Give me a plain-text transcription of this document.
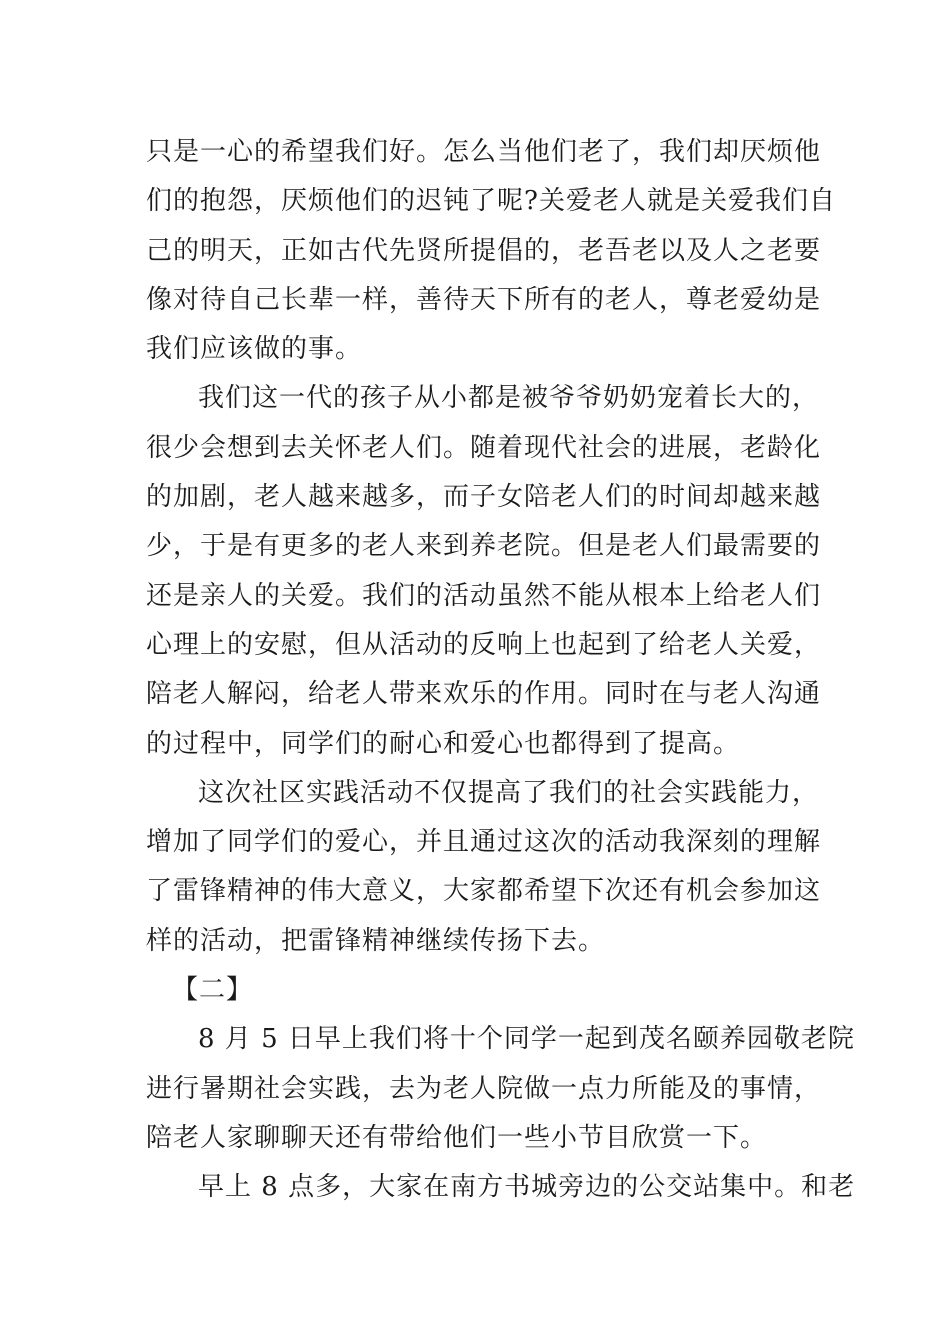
只是一心的希望我们好。怎么当他们老了，我们却厌烦他
们的抱怨，厌烦他们的迟钝了呢?关爱老人就是关爱我们自
己的明天，正如古代先贤所提倡的，老吾老以及人之老要
像对待自己长辈一样，善待天下所有的老人，尊老爱幼是
我们应该做的事。
我们这一代的孩子从小都是被爷爷奶奶宠着长大的，
很少会想到去关怀老人们。随着现代社会的进展，老龄化
的加剧，老人越来越多，而子女陪老人们的时间却越来越
少，于是有更多的老人来到养老院。但是老人们最需要的
还是亲人的关爱。我们的活动虽然不能从根本上给老人们
心理上的安慰，但从活动的反响上也起到了给老人关爱，
陪老人解闷，给老人带来欢乐的作用。同时在与老人沟通
的过程中，同学们的耐心和爱心也都得到了提高。
这次社区实践活动不仅提高了我们的社会实践能力，
增加了同学们的爱心，并且通过这次的活动我深刻的理解
了雷锋精神的伟大意义，大家都希望下次还有机会参加这
样的活动，把雷锋精神继续传扬下去。
【二】
8 月 5 日早上我们将十个同学一起到茂名颐养园敬老院
进行暑期社会实践，去为老人院做一点力所能及的事情，
陪老人家聊聊天还有带给他们一些小节目欣赏一下。
早上 8 点多，大家在南方书城旁边的公交站集中。和老
